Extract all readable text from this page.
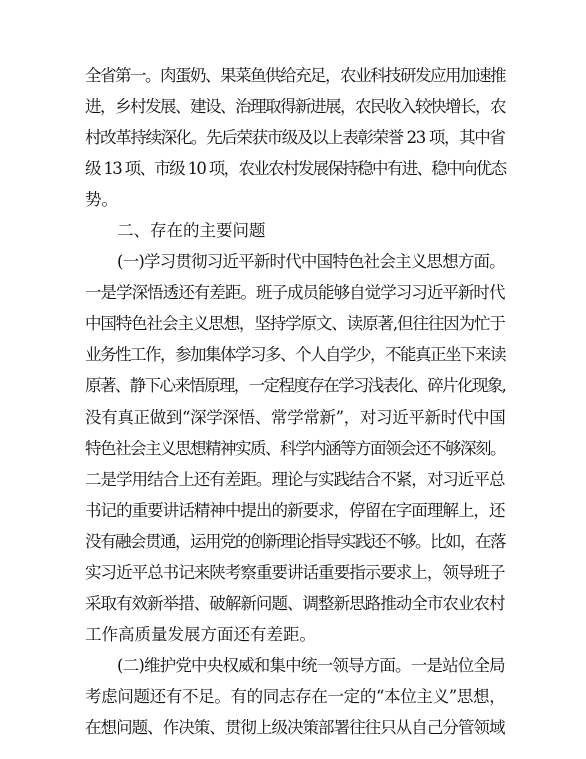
全省第一。肉蛋奶、果菜鱼供给充足，农业科技研发应用加速推
进，乡村发展、建设、治理取得新进展，农民收入较快增长，农
村改革持续深化。先后荣获市级及以上表彰荣誉 23 项，其中省
级 13 项、市级 10 项，农业农村发展保持稳中有进、稳中向优态
势。
二、存在的主要问题
(一)学习贯彻习近平新时代中国特色社会主义思想方面。
一是学深悟透还有差距。班子成员能够自觉学习习近平新时代
中国特色社会主义思想，坚持学原文、读原著,但往往因为忙于
业务性工作，参加集体学习多、个人自学少，不能真正坐下来读
原著、静下心来悟原理，一定程度存在学习浅表化、碎片化现象,
没有真正做到“深学深悟、常学常新”，对习近平新时代中国
特色社会主义思想精神实质、科学内涵等方面领会还不够深刻。
二是学用结合上还有差距。理论与实践结合不紧，对习近平总
书记的重要讲话精神中提出的新要求，停留在字面理解上，还
没有融会贯通，运用党的创新理论指导实践还不够。比如，在落
实习近平总书记来陕考察重要讲话重要指示要求上，领导班子
采取有效新举措、破解新问题、调整新思路推动全市农业农村
工作高质量发展方面还有差距。
(二)维护党中央权威和集中统一领导方面。一是站位全局
考虑问题还有不足。有的同志存在一定的“本位主义”思想，
在想问题、作决策、贯彻上级决策部署往往只从自己分管领域
